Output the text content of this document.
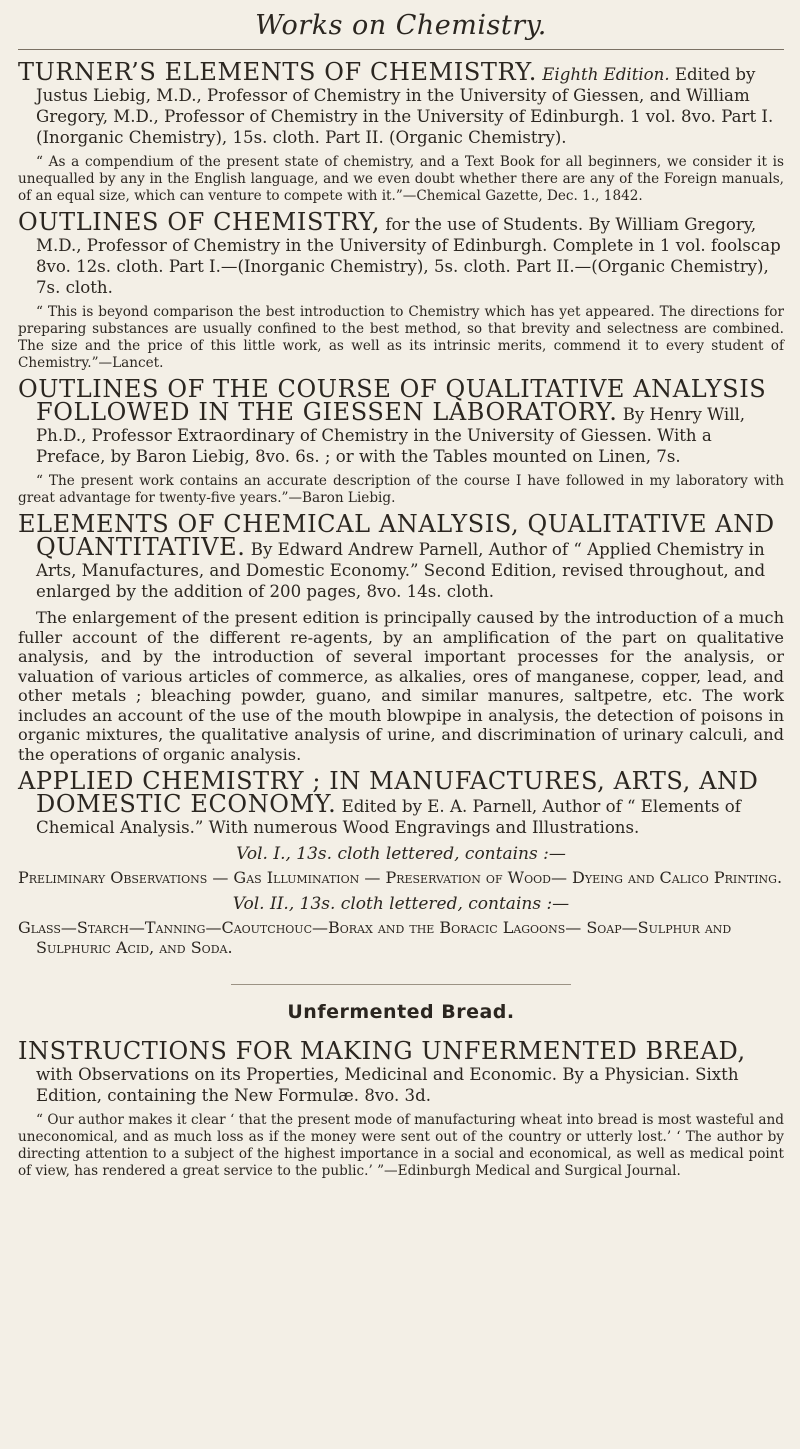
Works on Chemistry.

TURNER’S ELEMENTS OF CHEMISTRY. Eighth Edition. Edited by Justus Liebig, M.D., Professor of Chemistry in the University of Giessen, and William Gregory, M.D., Professor of Chemistry in the University of Edinburgh. 1 vol. 8vo. Part I. (Inorganic Chemistry), 15s. cloth. Part II. (Organic Chemistry).

“ As a compendium of the present state of chemistry, and a Text Book for all beginners, we consider it is unequalled by any in the English language, and we even doubt whether there are any of the Foreign manuals, of an equal size, which can venture to compete with it.”—Chemical Gazette, Dec. 1., 1842.

OUTLINES OF CHEMISTRY, for the use of Students. By William Gregory, M.D., Professor of Chemistry in the University of Edinburgh. Complete in 1 vol. foolscap 8vo. 12s. cloth. Part I.—(Inorganic Chemistry), 5s. cloth. Part II.—(Organic Chemistry), 7s. cloth.

“ This is beyond comparison the best introduction to Chemistry which has yet appeared. The directions for preparing substances are usually confined to the best method, so that brevity and selectness are combined. The size and the price of this little work, as well as its intrinsic merits, commend it to every student of Chemistry.”—Lancet.

OUTLINES OF THE COURSE OF QUALITATIVE ANALYSIS FOLLOWED IN THE GIESSEN LABORATORY. By Henry Will, Ph.D., Professor Extraordinary of Chemistry in the University of Giessen. With a Preface, by Baron Liebig, 8vo. 6s. ; or with the Tables mounted on Linen, 7s.

“ The present work contains an accurate description of the course I have followed in my laboratory with great advantage for twenty-five years.”—Baron Liebig.

ELEMENTS OF CHEMICAL ANALYSIS, QUALITATIVE AND QUANTITATIVE. By Edward Andrew Parnell, Author of “ Applied Chemistry in Arts, Manufactures, and Domestic Economy.” Second Edition, revised throughout, and enlarged by the addition of 200 pages, 8vo. 14s. cloth.

The enlargement of the present edition is principally caused by the introduction of a much fuller account of the different re-agents, by an amplification of the part on qualitative analysis, and by the introduction of several important processes for the analysis, or valuation of various articles of commerce, as alkalies, ores of manganese, copper, lead, and other metals ; bleaching powder, guano, and similar manures, saltpetre, etc. The work includes an account of the use of the mouth blowpipe in analysis, the detection of poisons in organic mixtures, the qualitative analysis of urine, and discrimination of urinary calculi, and the operations of organic analysis.

APPLIED CHEMISTRY ; IN MANUFACTURES, ARTS, AND DOMESTIC ECONOMY. Edited by E. A. Parnell, Author of “ Elements of Chemical Analysis.” With numerous Wood Engravings and Illustrations.

Vol. I., 13s. cloth lettered, contains :—

Preliminary Observations — Gas Illumination — Preservation of Wood— Dyeing and Calico Printing.

Vol. II., 13s. cloth lettered, contains :—

Glass—Starch—Tanning—Caoutchouc—Borax and the Boracic Lagoons— Soap—Sulphur and Sulphuric Acid, and Soda.

Unfermented Bread.

INSTRUCTIONS FOR MAKING UNFERMENTED BREAD, with Observations on its Properties, Medicinal and Economic. By a Physician. Sixth Edition, containing the New Formulæ. 8vo. 3d.

“ Our author makes it clear ‘ that the present mode of manufacturing wheat into bread is most wasteful and uneconomical, and as much loss as if the money were sent out of the country or utterly lost.’ ‘ The author by directing attention to a subject of the highest importance in a social and economical, as well as medical point of view, has rendered a great service to the public.’ ”—Edinburgh Medical and Surgical Journal.
